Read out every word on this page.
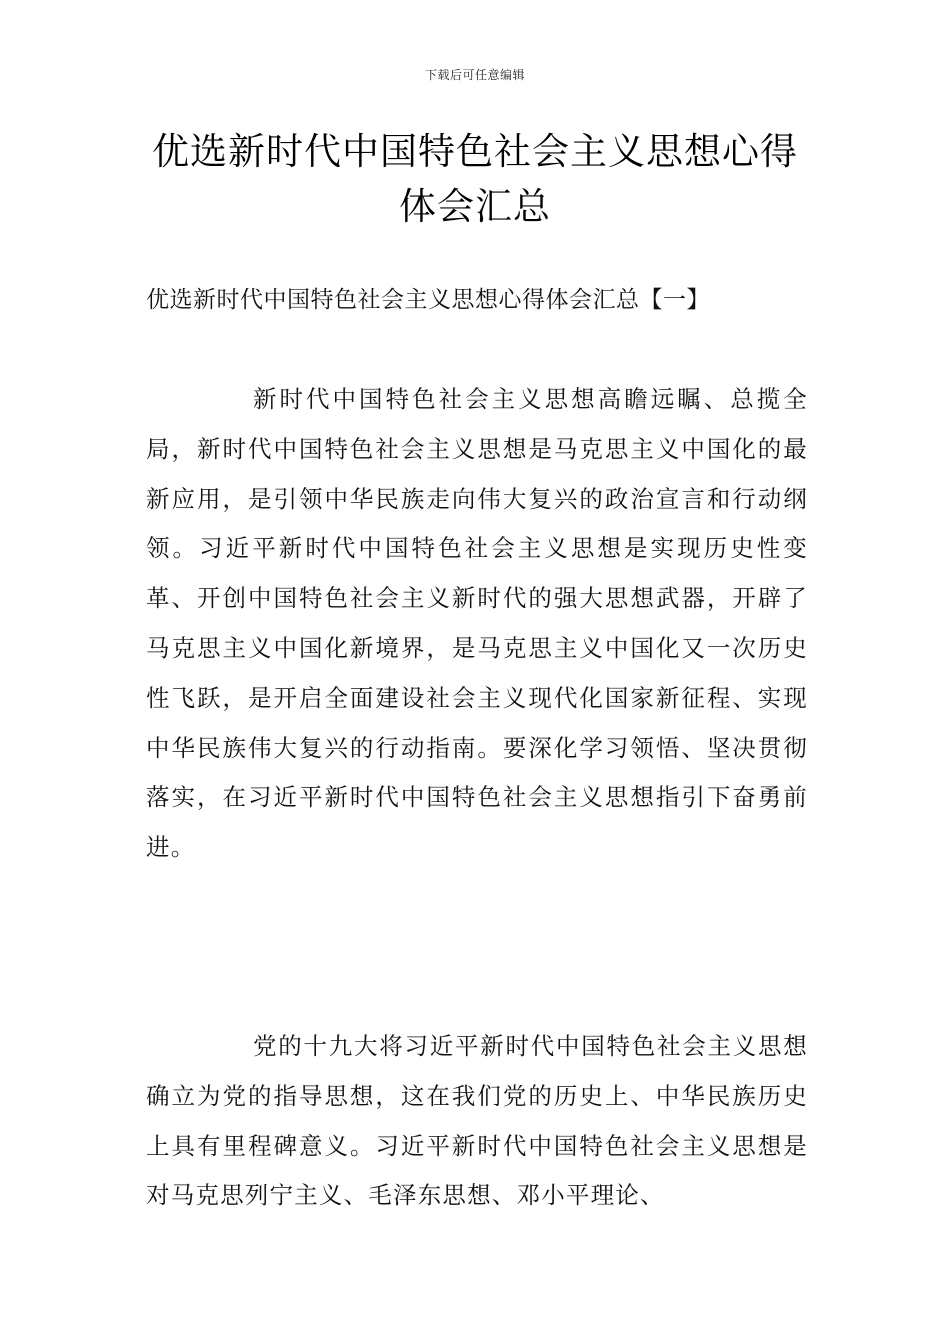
下载后可任意编辑
优选新时代中国特色社会主义思想心得体会汇总
优选新时代中国特色社会主义思想心得体会汇总【一】

新时代中国特色社会主义思想高瞻远瞩、总揽全局，新时代中国特色社会主义思想是马克思主义中国化的最新应用，是引领中华民族走向伟大复兴的政治宣言和行动纲领。习近平新时代中国特色社会主义思想是实现历史性变革、开创中国特色社会主义新时代的强大思想武器，开辟了马克思主义中国化新境界，是马克思主义中国化又一次历史性飞跃，是开启全面建设社会主义现代化国家新征程、实现中华民族伟大复兴的行动指南。要深化学习领悟、坚决贯彻落实，在习近平新时代中国特色社会主义思想指引下奋勇前进。

党的十九大将习近平新时代中国特色社会主义思想确立为党的指导思想，这在我们党的历史上、中华民族历史上具有里程碑意义。习近平新时代中国特色社会主义思想是对马克思列宁主义、毛泽东思想、邓小平理论、
